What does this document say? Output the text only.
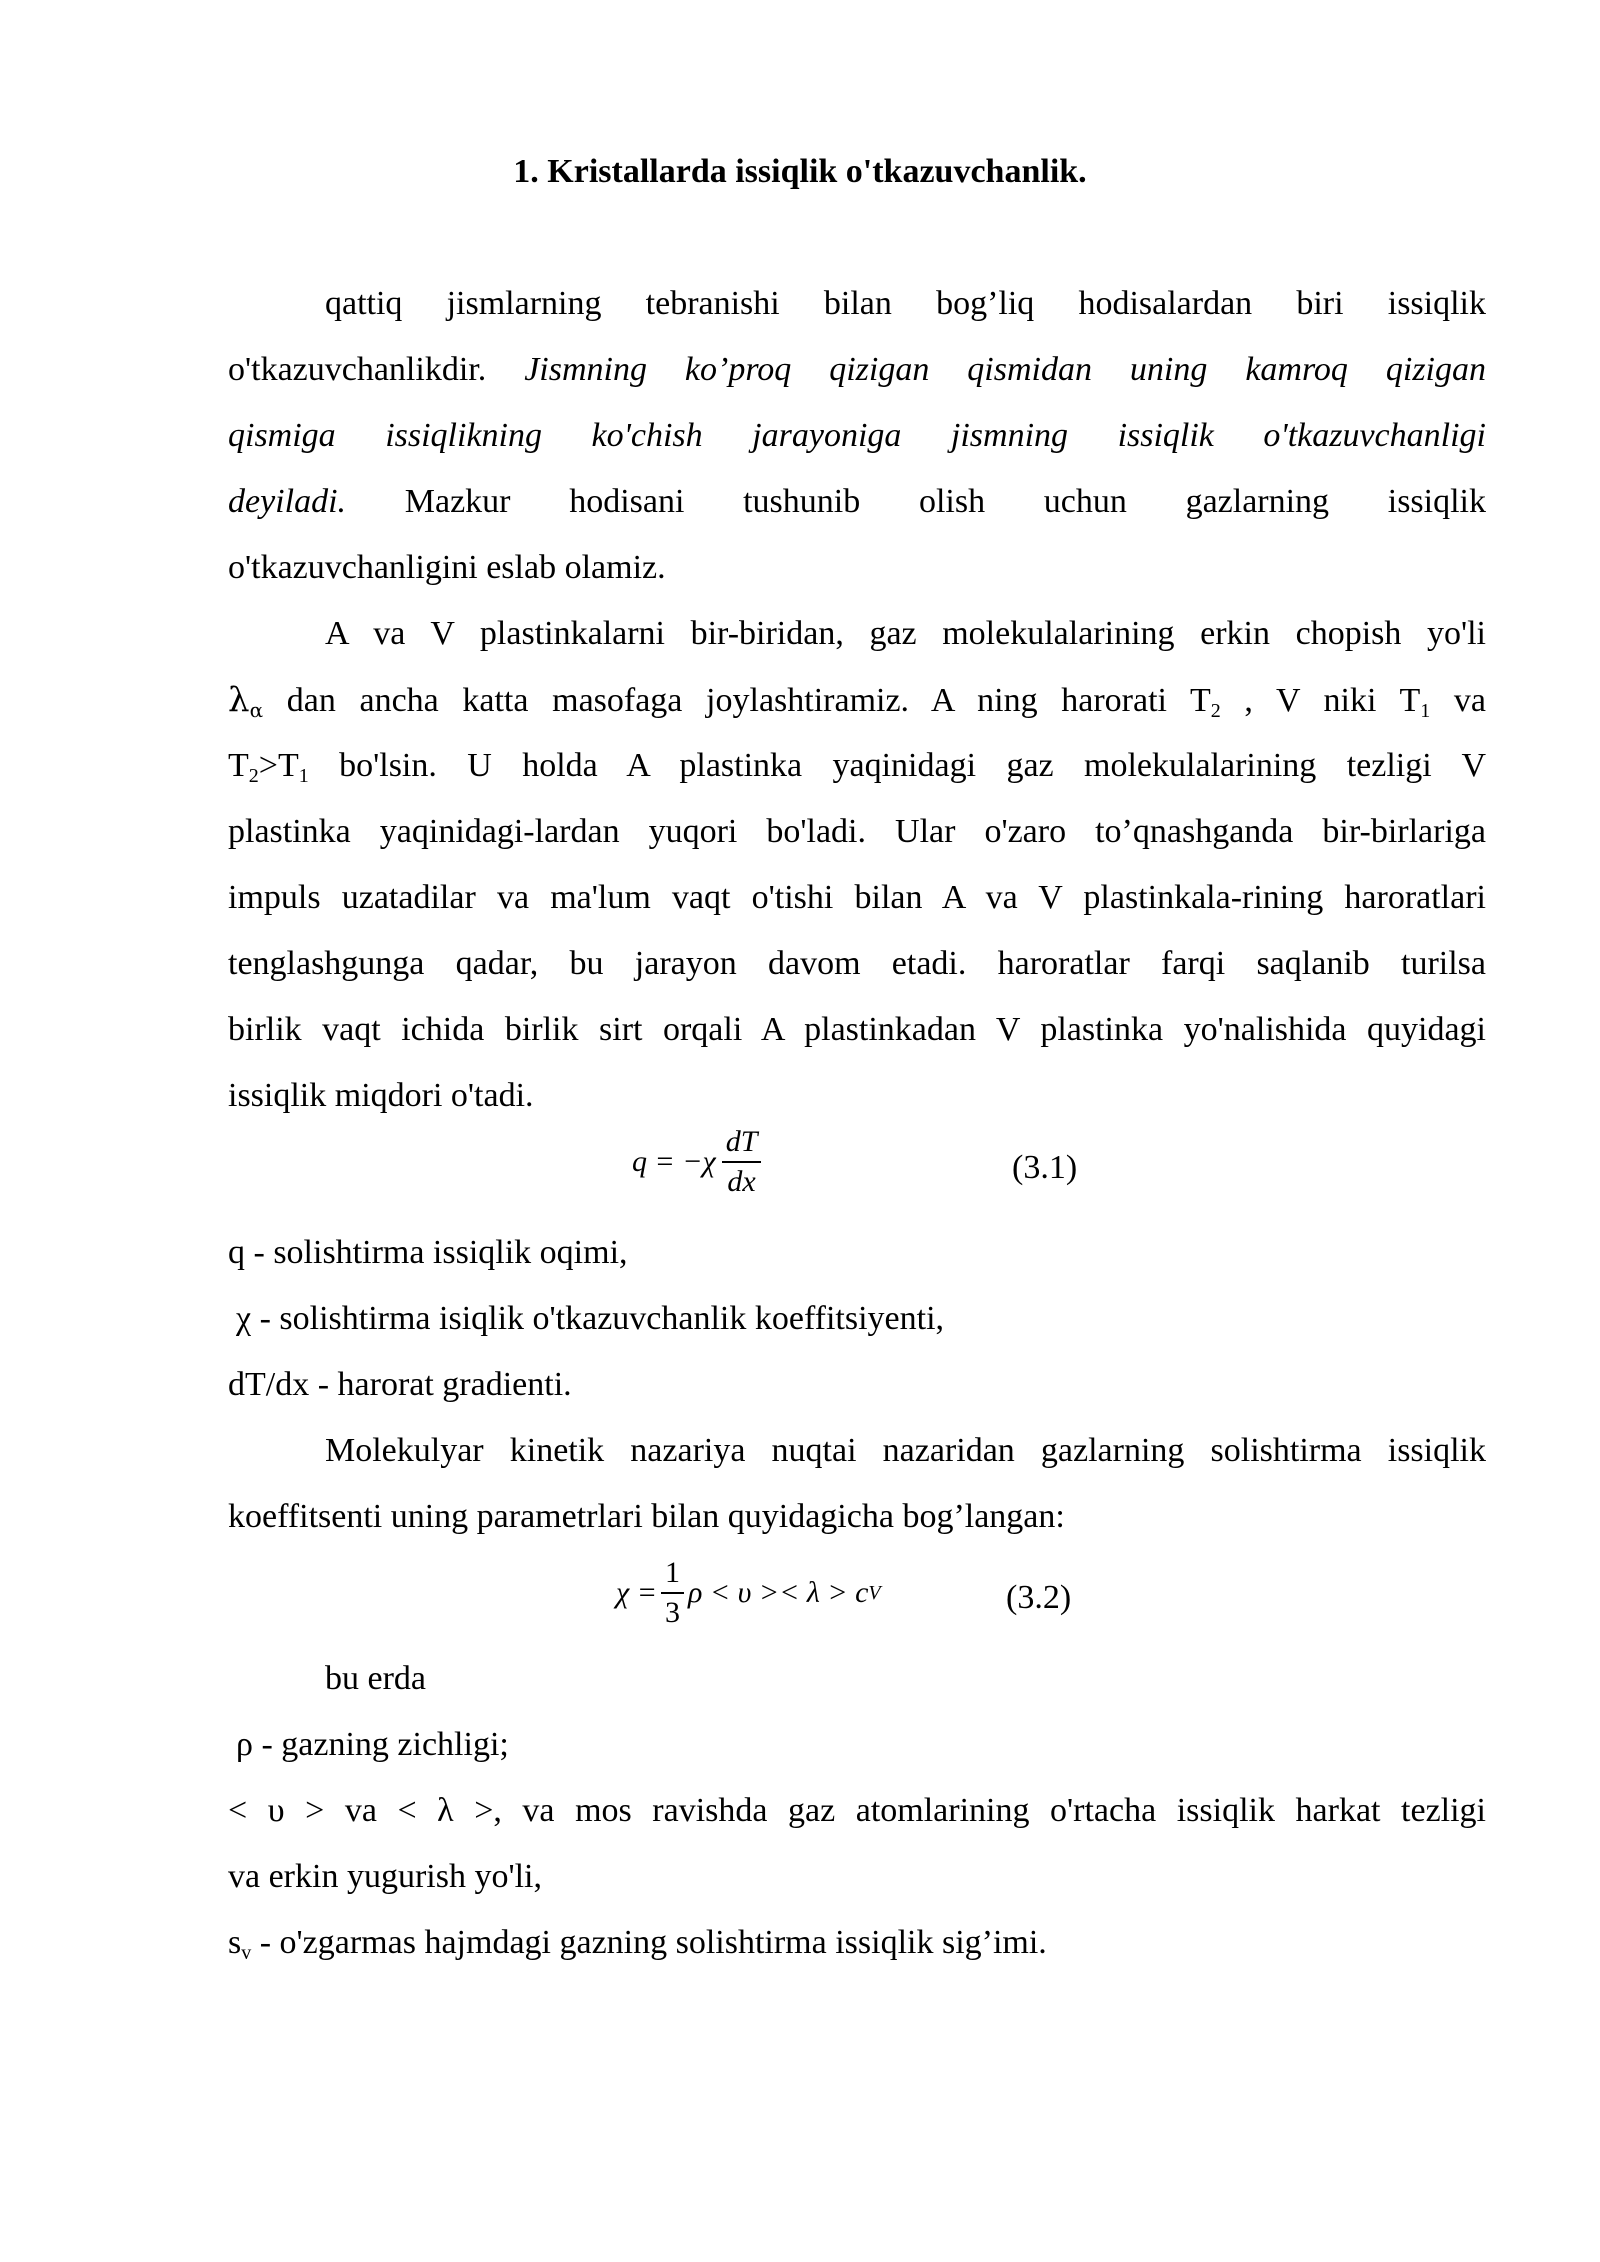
1. Kristallarda issiqlik o'tkazuvchanlik.
qattiq jismlarning tebranishi bilan bog’liq hodisalardan biri issiqlik
o'tkazuvchanlikdir. Jismning ko’proq qizigan qismidan uning kamroq qizigan
qismiga issiqlikning ko'chish jarayoniga jismning issiqlik o'tkazuvchanligi
deyiladi. Mazkur hodisani tushunib olish uchun gazlarning issiqlik
o'tkazuvchanligini eslab olamiz.
A va V plastinkalarni bir-biridan, gaz molekulalarining erkin chopish yo'li
$\lambda_\alpha$ dan ancha katta masofaga joylashtiramiz. A ning harorati $T_2$ , V niki $T_1$ va
$T_2>T_1$ bo'lsin. U holda A plastinka yaqinidagi gaz molekulalarining tezligi V
plastinka yaqinidagi-lardan yuqori bo'ladi. Ular o'zaro to’qnashganda bir-birlariga
impuls uzatadilar va ma'lum vaqt o'tishi bilan A va V plastinkala-rining haroratlari
tenglashgunga qadar, bu jarayon davom etadi. haroratlar farqi saqlanib turilsa
birlik vaqt ichida birlik sirt orqali A plastinkadan V plastinka yo'nalishida quyidagi
issiqlik miqdori o'tadi.
$q = -\chi \frac{dT}{dx}$	(3.1)
q - solishtirma issiqlik oqimi,
χ - solishtirma isiqlik o'tkazuvchanlik koeffitsiyenti,
dT/dx - harorat gradienti.
Molekulyar kinetik nazariya nuqtai nazaridan gazlarning solishtirma issiqlik
koeffitsenti uning parametrlari bilan quyidagicha bog’langan:
$\chi = \frac{1}{3}$ ρ < υ >< λ > c V	(3.2)
bu erda
ρ - gazning zichligi;
< υ > va < λ >, va mos ravishda gaz atomlarining o'rtacha issiqlik harkat tezligi
va erkin yugurish yo'li,
$s_v$ - o'zgarmas hajmdagi gazning solishtirma issiqlik sig’imi.
